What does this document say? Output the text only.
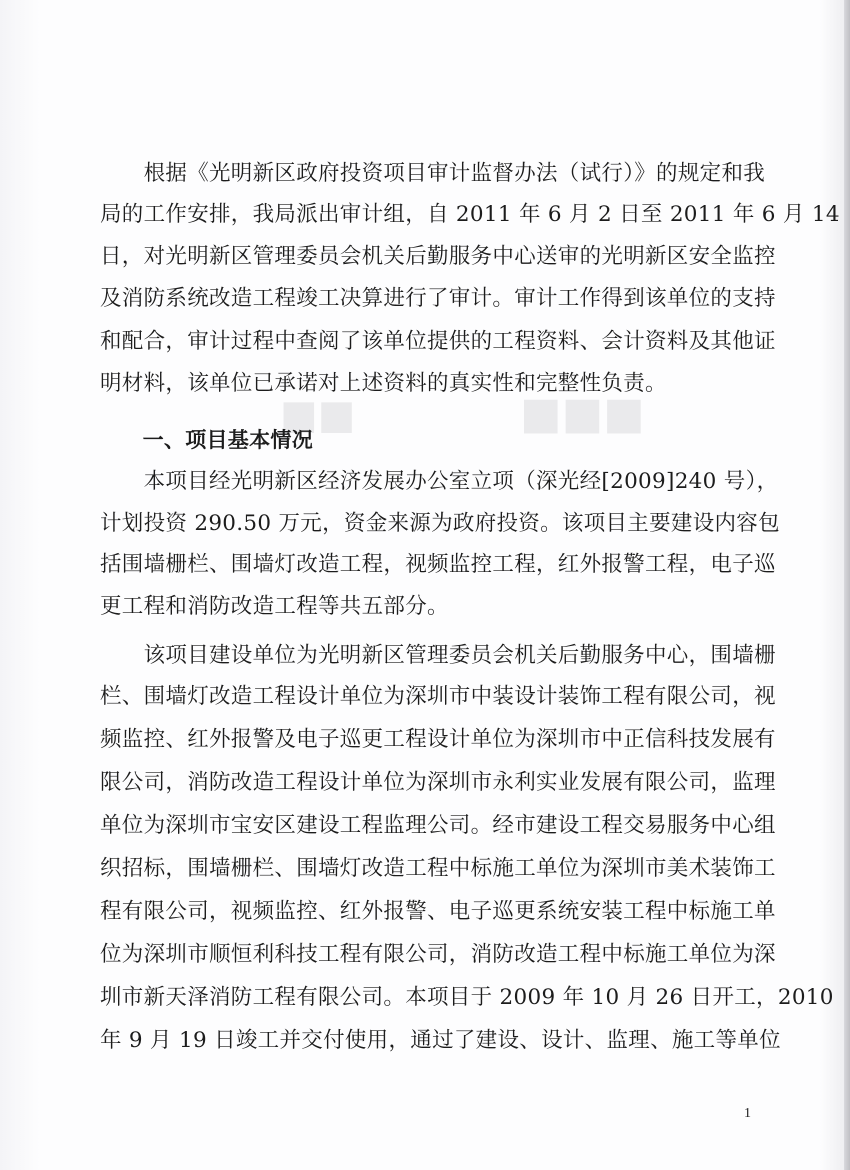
■■■
■■
　　根据《光明新区政府投资项目审计监督办法（试行）》的规定和我
局的工作安排，我局派出审计组，自 2011 年 6 月 2 日至 2011 年 6 月 14
日，对光明新区管理委员会机关后勤服务中心送审的光明新区安全监控
及消防系统改造工程竣工决算进行了审计。审计工作得到该单位的支持
和配合，审计过程中查阅了该单位提供的工程资料、会计资料及其他证
明材料，该单位已承诺对上述资料的真实性和完整性负责。
　　一、项目基本情况
　　本项目经光明新区经济发展办公室立项（深光经[2009]240 号），
计划投资 290.50 万元，资金来源为政府投资。该项目主要建设内容包
括围墙栅栏、围墙灯改造工程，视频监控工程，红外报警工程，电子巡
更工程和消防改造工程等共五部分。
　　该项目建设单位为光明新区管理委员会机关后勤服务中心，围墙栅
栏、围墙灯改造工程设计单位为深圳市中装设计装饰工程有限公司，视
频监控、红外报警及电子巡更工程设计单位为深圳市中正信科技发展有
限公司，消防改造工程设计单位为深圳市永利实业发展有限公司，监理
单位为深圳市宝安区建设工程监理公司。经市建设工程交易服务中心组
织招标，围墙栅栏、围墙灯改造工程中标施工单位为深圳市美术装饰工
程有限公司，视频监控、红外报警、电子巡更系统安装工程中标施工单
位为深圳市顺恒利科技工程有限公司，消防改造工程中标施工单位为深
圳市新天泽消防工程有限公司。本项目于 2009 年 10 月 26 日开工，2010
年 9 月 19 日竣工并交付使用，通过了建设、设计、监理、施工等单位
1
